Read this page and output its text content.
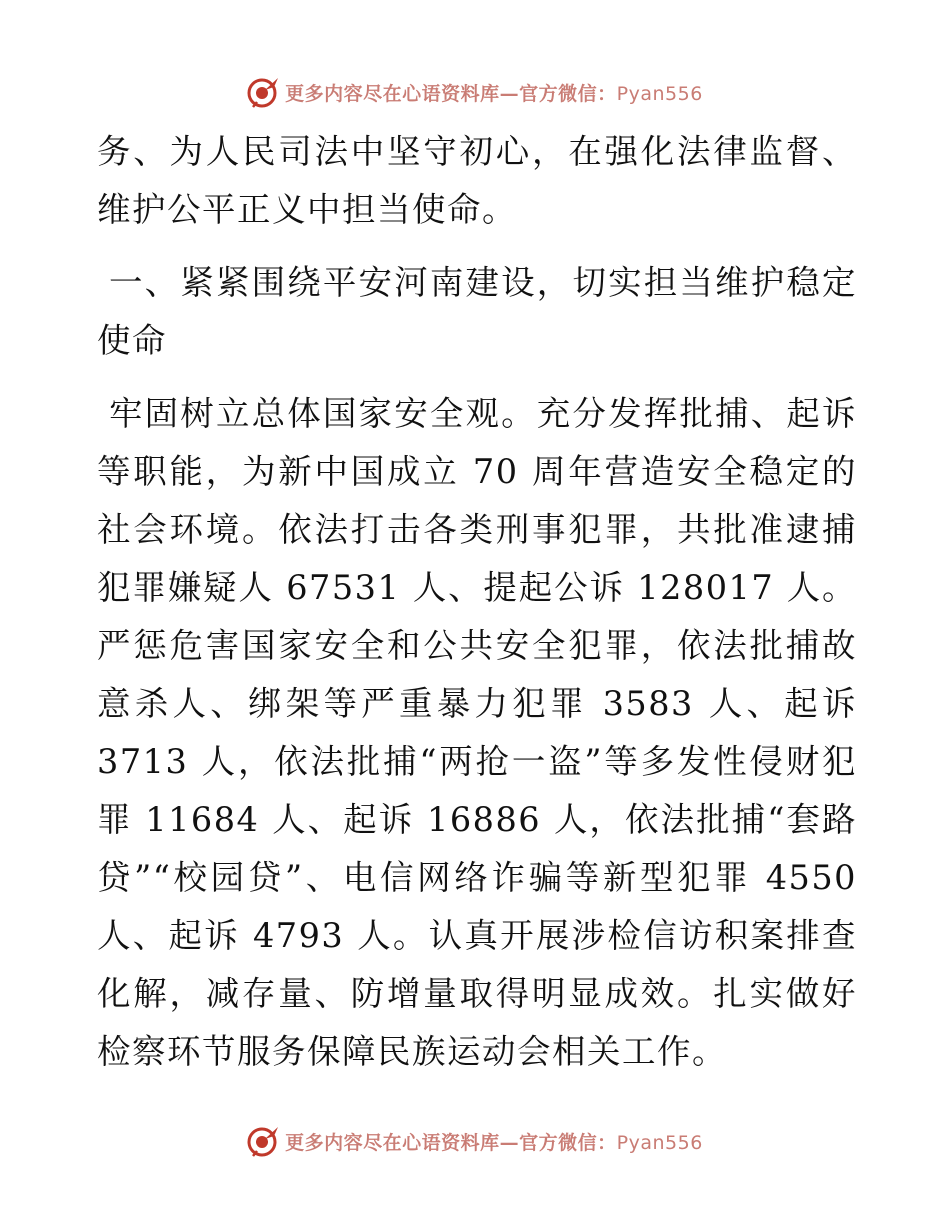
更多内容尽在心语资料库—官方微信：Pyan556

务、为人民司法中坚守初心，在强化法律监督、维护公平正义中担当使命。

一、紧紧围绕平安河南建设，切实担当维护稳定使命

牢固树立总体国家安全观。充分发挥批捕、起诉等职能，为新中国成立 70 周年营造安全稳定的社会环境。依法打击各类刑事犯罪，共批准逮捕犯罪嫌疑人 67531 人、提起公诉 128017 人。严惩危害国家安全和公共安全犯罪，依法批捕故意杀人、绑架等严重暴力犯罪 3583 人、起诉 3713 人，依法批捕“两抢一盗”等多发性侵财犯罪 11684 人、起诉 16886 人，依法批捕“套路贷”“校园贷”、电信网络诈骗等新型犯罪 4550 人、起诉 4793 人。认真开展涉检信访积案排查化解，减存量、防增量取得明显成效。扎实做好检察环节服务保障民族运动会相关工作。

更多内容尽在心语资料库—官方微信：Pyan556
